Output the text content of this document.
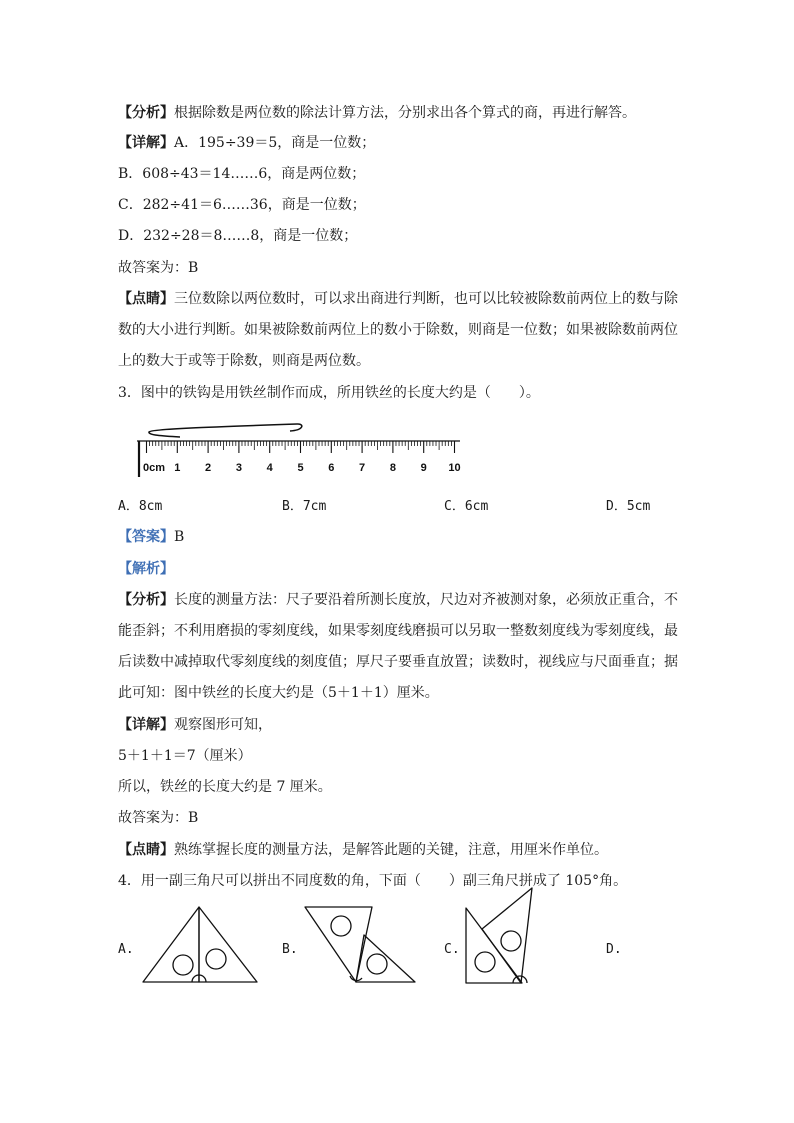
【分析】根据除数是两位数的除法计算方法，分别求出各个算式的商，再进行解答。
【详解】A．195÷39＝5，商是一位数；
B．608÷43＝14……6，商是两位数；
C．282÷41＝6……36，商是一位数；
D．232÷28＝8……8，商是一位数；
故答案为：B
【点睛】三位数除以两位数时，可以求出商进行判断，也可以比较被除数前两位上的数与除
数的大小进行判断。如果被除数前两位上的数小于除数，则商是一位数；如果被除数前两位
上的数大于或等于除数，则商是两位数。
3．图中的铁钩是用铁丝制作而成，所用铁丝的长度大约是（　　）。
0cm 1 2 3 4 5 6 7 8 9 10
A．8cm	B．7cm	C．6cm	D．5cm
【答案】B
【解析】
【分析】长度的测量方法：尺子要沿着所测长度放，尺边对齐被测对象，必须放正重合，不
能歪斜；不利用磨损的零刻度线，如果零刻度线磨损可以另取一整数刻度线为零刻度线，最
后读数中减掉取代零刻度线的刻度值；厚尺子要垂直放置；读数时，视线应与尺面垂直；据
此可知：图中铁丝的长度大约是（5＋1＋1）厘米。
【详解】观察图形可知，
5＋1＋1＝7（厘米）
所以，铁丝的长度大约是 7 厘米。
故答案为：B
【点睛】熟练掌握长度的测量方法，是解答此题的关键，注意，用厘米作单位。
4．用一副三角尺可以拼出不同度数的角，下面（　　）副三角尺拼成了 105°角。
A.	B.	C.	D.
